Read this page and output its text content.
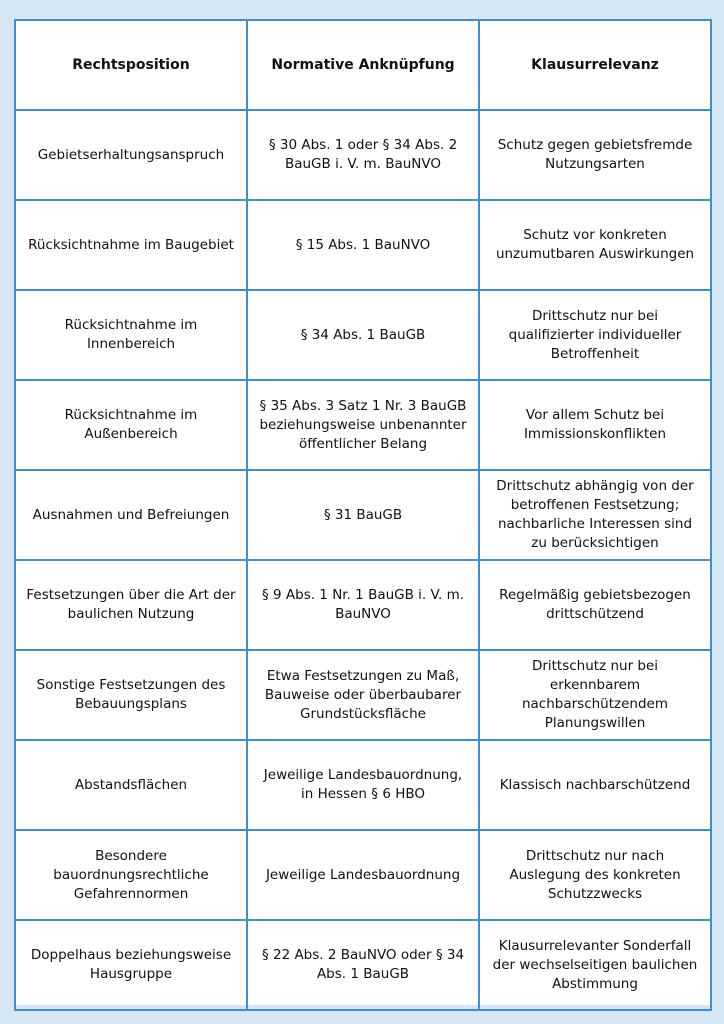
Rechtsposition	Normative Anknüpfung	Klausurrelevanz
Gebietserhaltungsanspruch	§ 30 Abs. 1 oder § 34 Abs. 2 BauGB i. V. m. BauNVO	Schutz gegen gebietsfremde Nutzungsarten
Rücksichtnahme im Baugebiet	§ 15 Abs. 1 BauNVO	Schutz vor konkreten unzumutbaren Auswirkungen
Rücksichtnahme im Innenbereich	§ 34 Abs. 1 BauGB	Drittschutz nur bei qualifizierter individueller Betroffenheit
Rücksichtnahme im Außenbereich	§ 35 Abs. 3 Satz 1 Nr. 3 BauGB beziehungsweise unbenannter öffentlicher Belang	Vor allem Schutz bei Immissionskonflikten
Ausnahmen und Befreiungen	§ 31 BauGB	Drittschutz abhängig von der betroffenen Festsetzung; nachbarliche Interessen sind zu berücksichtigen
Festsetzungen über die Art der baulichen Nutzung	§ 9 Abs. 1 Nr. 1 BauGB i. V. m. BauNVO	Regelmäßig gebietsbezogen drittschützend
Sonstige Festsetzungen des Bebauungsplans	Etwa Festsetzungen zu Maß, Bauweise oder überbaubarer Grundstücksfläche	Drittschutz nur bei erkennbarem nachbarschützendem Planungswillen
Abstandsflächen	Jeweilige Landesbauordnung, in Hessen § 6 HBO	Klassisch nachbarschützend
Besondere bauordnungsrechtliche Gefahrennormen	Jeweilige Landesbauordnung	Drittschutz nur nach Auslegung des konkreten Schutzzwecks
Doppelhaus beziehungsweise Hausgruppe	§ 22 Abs. 2 BauNVO oder § 34 Abs. 1 BauGB	Klausurrelevanter Sonderfall der wechselseitigen baulichen Abstimmung
